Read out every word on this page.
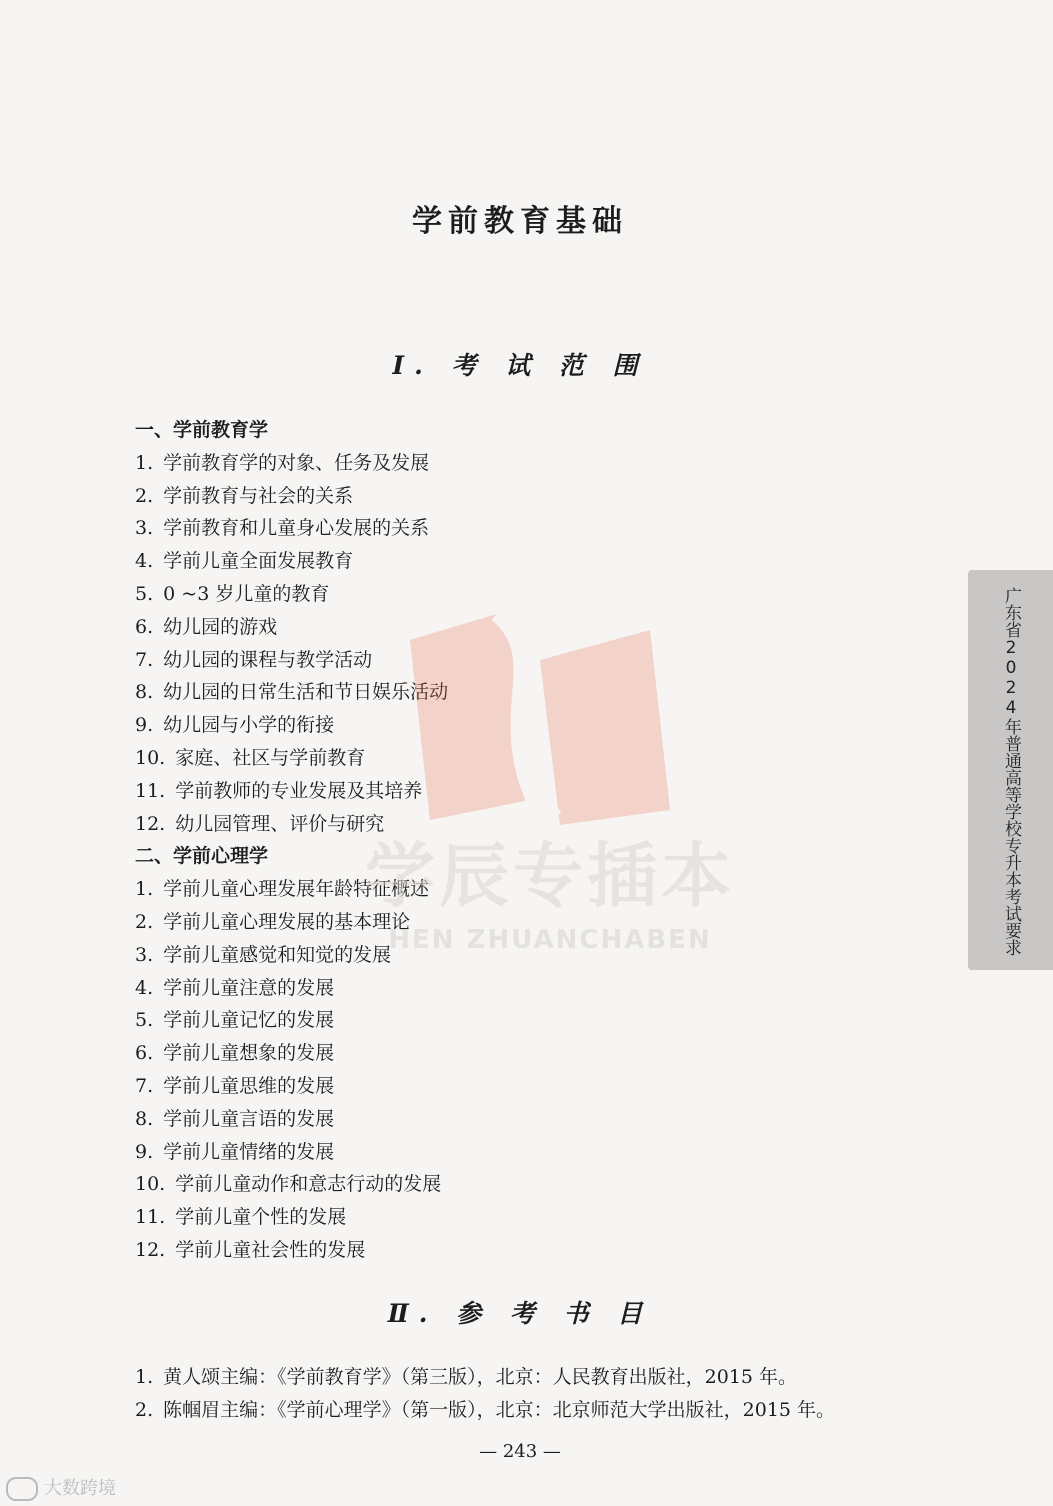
学前教育基础
Ⅰ. 考 试 范 围
一、学前教育学
1. 学前教育学的对象、任务及发展
2. 学前教育与社会的关系
3. 学前教育和儿童身心发展的关系
4. 学前儿童全面发展教育
5. 0 ~3 岁儿童的教育
6. 幼儿园的游戏
7. 幼儿园的课程与教学活动
8. 幼儿园的日常生活和节日娱乐活动
9. 幼儿园与小学的衔接
10. 家庭、社区与学前教育
11. 学前教师的专业发展及其培养
12. 幼儿园管理、评价与研究
二、学前心理学
1. 学前儿童心理发展年龄特征概述
2. 学前儿童心理发展的基本理论
3. 学前儿童感觉和知觉的发展
4. 学前儿童注意的发展
5. 学前儿童记忆的发展
6. 学前儿童想象的发展
7. 学前儿童思维的发展
8. 学前儿童言语的发展
9. 学前儿童情绪的发展
10. 学前儿童动作和意志行动的发展
11. 学前儿童个性的发展
12. 学前儿童社会性的发展
Ⅱ. 参 考 书 目
1. 黄人颂主编：《学前教育学》（第三版），北京：人民教育出版社，2015 年。
2. 陈帼眉主编：《学前心理学》（第一版），北京：北京师范大学出版社，2015 年。
— 243 —
广东省2024年普通高等学校专升本考试要求
学辰专插本
HEN ZHUANCHABEN
大数跨境
